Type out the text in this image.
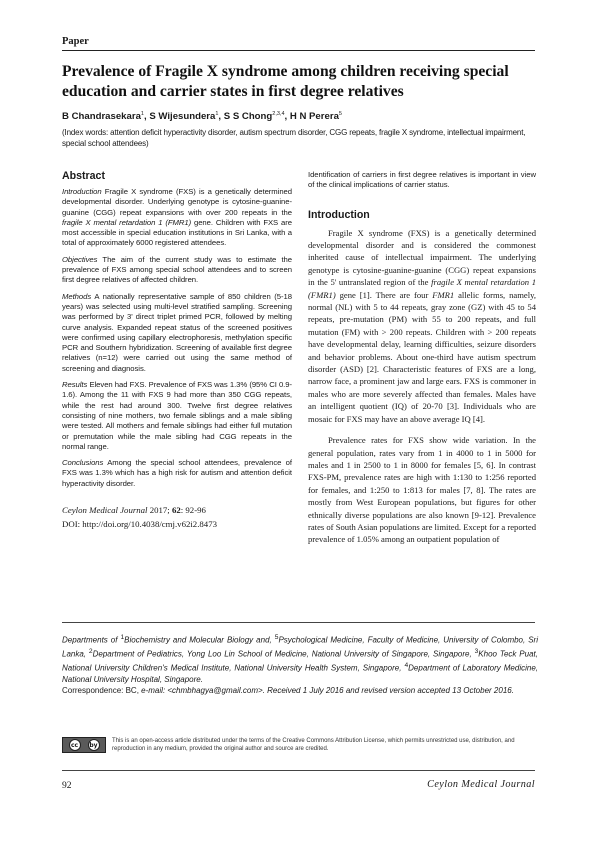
Paper
Prevalence of Fragile X syndrome among children receiving special education and carrier states in first degree relatives
B Chandrasekara$^1$, S Wijesundera$^1$, S S Chong$^{2,3,4}$, H N Perera$^5$
(Index words: attention deficit hyperactivity disorder, autism spectrum disorder, CGG repeats, fragile X syndrome, intellectual impairment, special school attendees)
Abstract

Introduction Fragile X syndrome (FXS) is a genetically determined developmental disorder. Underlying genotype is cytosine-guanine-guanine (CGG) repeat expansions with over 200 repeats in the fragile X mental retardation 1 (FMR1) gene. Children with FXS are most accessible in special education institutions in Sri Lanka, with a total of approximately 6000 registered attendees.

Objectives The aim of the current study was to estimate the prevalence of FXS among special school attendees and to screen first degree relatives of affected children.

Methods A nationally representative sample of 850 children (5-18 years) was selected using multi-level stratified sampling. Screening was performed by 3' direct triplet primed PCR, followed by melting curve analysis. Expanded repeat status of the screened positives were confirmed using capillary electrophoresis, methylation specific PCR and Southern hybridization. Screening of available first degree relatives (n=12) were carried out using the same method of screening and diagnosis.

Results Eleven had FXS. Prevalence of FXS was 1.3% (95% CI 0.9-1.6). Among the 11 with FXS 9 had more than 350 CGG repeats, while the rest had around 300. Twelve first degree relatives consisting of nine mothers, two female siblings and a male sibling were tested. All mothers and female siblings had either full mutation or premutation while the male sibling had CGG repeats in the normal range.

Conclusions Among the special school attendees, prevalence of FXS was 1.3% which has a high risk for autism and attention deficit hyperactivity disorder.

Ceylon Medical Journal 2017; 62: 92-96
DOI: http://doi.org/10.4038/cmj.v62i2.8473

Identification of carriers in first degree relatives is important in view of the clinical implications of carrier status.

Introduction

Fragile X syndrome (FXS) is a genetically determined developmental disorder and is considered the commonest inherited cause of intellectual impairment. The underlying genotype is cytosine-guanine-guanine (CGG) repeat expansions in the 5' untranslated region of the fragile X mental retardation 1 (FMR1) gene [1]. There are four FMR1 allelic forms, namely, normal (NL) with 5 to 44 repeats, gray zone (GZ) with 45 to 54 repeats, pre-mutation (PM) with 55 to 200 repeats, and full mutation (FM) with > 200 repeats. Children with > 200 repeats have developmental delay, learning difficulties, seizure disorders and behavior problems. About one-third have autism spectrum disorder (ASD) [2]. Characteristic features of FXS are a long, narrow face, a prominent jaw and large ears. FXS is commoner in males who are more severely affected than females. Males have an intelligent quotient (IQ) of 20-70 [3]. Individuals who are mosaic for FXS may have an above average IQ [4].

Prevalence rates for FXS show wide variation. In the general population, rates vary from 1 in 4000 to 1 in 5000 for males and 1 in 2500 to 1 in 8000 for females [5, 6]. In contrast FXS-PM, prevalence rates are high with 1:130 to 1:256 reported for females, and 1:250 to 1:813 for males [7, 8]. The rates are mostly from West European populations, but figures for other ethnically diverse populations are also known [9-12]. Prevalence rates of South Asian populations are limited. Except for a reported prevalence of 1.05% among an outpatient population of

Departments of $^1$Biochemistry and Molecular Biology and, $^5$Psychological Medicine, Faculty of Medicine, University of Colombo, Sri Lanka, $^2$Department of Pediatrics, Yong Loo Lin School of Medicine, National University of Singapore, Singapore, $^3$Khoo Teck Puat, National University Children's Medical Institute, National University Health System, Singapore, $^4$Department of Laboratory Medicine, National University Hospital, Singapore.
Correspondence: BC, e-mail: <chmbhagya@gmail.com>. Received 1 July 2016 and revised version accepted 13 October 2016.
cc	by
This is an open-access article distributed under the terms of the Creative Commons Attribution License, which permits unrestricted use, distribution, and reproduction in any medium, provided the original author and source are credited.
92	Ceylon Medical Journal
